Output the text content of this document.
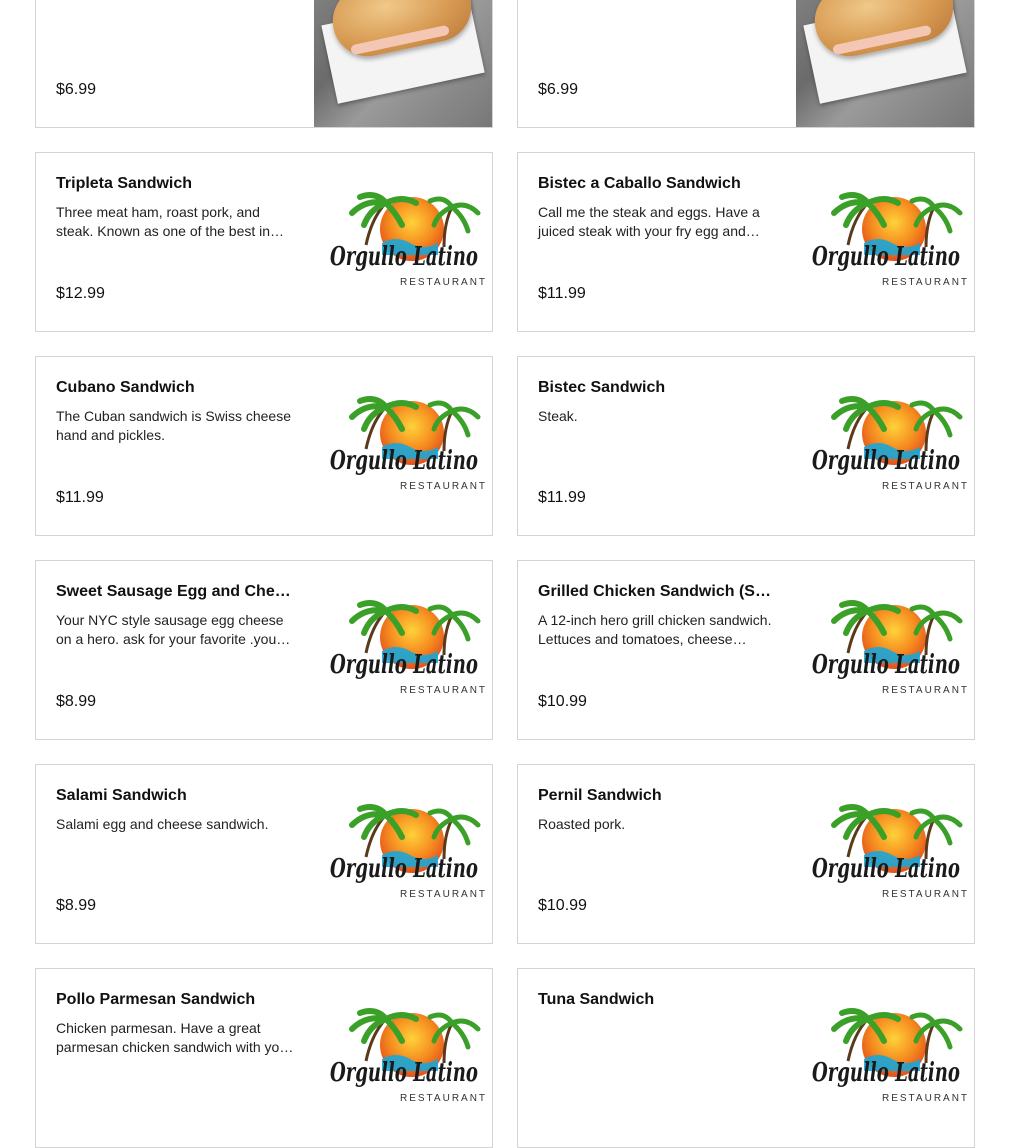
$6.99	$6.99
Tripleta Sandwich
Three meat ham, roast pork, and steak. Known as one of the best in…
$12.99
Orgullo Latino
RESTAURANT
Bistec a Caballo Sandwich
Call me the steak and eggs. Have a juiced steak with your fry egg and…
$11.99
Orgullo Latino
RESTAURANT
Cubano Sandwich
The Cuban sandwich is Swiss cheese hand and pickles.
$11.99
Orgullo Latino
RESTAURANT
Bistec Sandwich
Steak.
$11.99
Orgullo Latino
RESTAURANT
Sweet Sausage Egg and Che…
Your NYC style sausage egg cheese on a hero. ask for your favorite .you…
$8.99
Orgullo Latino
RESTAURANT
Grilled Chicken Sandwich (S…
A 12-inch hero grill chicken sandwich. Lettuces and tomatoes, cheese…
$10.99
Orgullo Latino
RESTAURANT
Salami Sandwich
Salami egg and cheese sandwich.
$8.99
Orgullo Latino
RESTAURANT
Pernil Sandwich
Roasted pork.
$10.99
Orgullo Latino
RESTAURANT
Pollo Parmesan Sandwich
Chicken parmesan. Have a great parmesan chicken sandwich with yo…
Orgullo Latino
RESTAURANT
Tuna Sandwich
Orgullo Latino
RESTAURANT
